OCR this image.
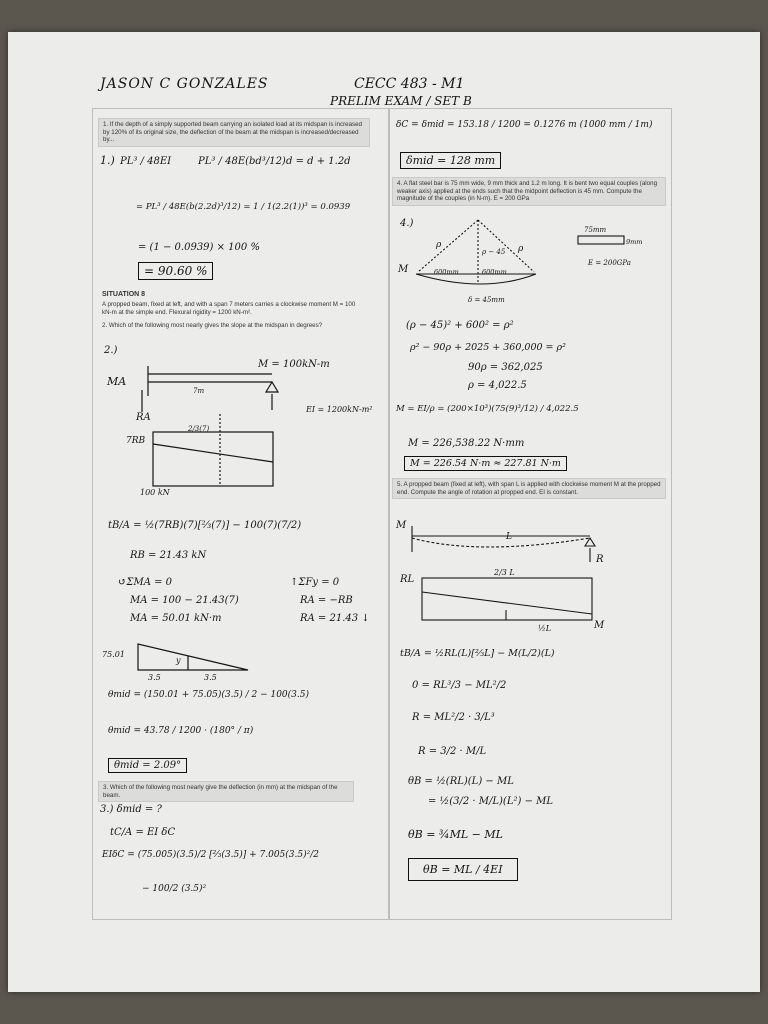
JASON C GONZALES	CECC 483 - M1
PRELIM EXAM / SET B
1. If the depth of a simply supported beam carrying an isolated load at its midspan is increased by 120% of its original size, the deflection of the beam at the midspan is increased/decreased by...
1.) PL³ / 48EI	PL³ / 48E(bd³/12) d = d + 1.2d
= PL³ / 48E(b(2.2d)³/12) = 1 / 1(2.2(1))³ = 0.0939
= (1 − 0.0939) × 100 %
= 90.60 %
SITUATION 8
A propped beam, fixed at left, and with a span 7 meters carries a clockwise moment M = 100 kN-m at the simple end. Flexural rigidity = 1200 kN-m².
2. Which of the following most nearly gives the slope at the midspan in degrees?
2.)
M = 100kN-m
MA
RA
7m
EI = 1200kN-m²
7RB
2/3(7)
100 kN
tB/A = ½(7RB)(7)[⅔(7)] − 100(7)(7/2)
RB = 21.43 kN
↺ΣMA = 0
MA = 100 − 21.43(7)
MA = 50.01 kN·m
↑ΣFy = 0
RA = −RB
RA = 21.43 ↓
75.01
y
3.5	3.5
θmid = (150.01 + 75.05)(3.5) / 2 − 100(3.5)
θmid = 43.78 / 1200 · (180° / π)
θmid = 2.09°
3. Which of the following most nearly give the deflection (in mm) at the midspan of the beam.
3.) δmid = ?
tC/A = EI δC
EIδC = (75.005)(3.5)/2 [⅔(3.5)] + 7.005(3.5)²/2
− 100/2 (3.5)²
δC = δmid = 153.18 / 1200 = 0.1276 m (1000 mm / 1m)
δmid = 128 mm
4. A flat steel bar is 75 mm wide, 9 mm thick and 1.2 m long. It is bent two equal couples (along weaker axis) applied at the ends such that the midpoint deflection is 45 mm. Compute the magnitude of the couples (in N-m). E = 200 GPa
4.)
ρ
ρ − 45 ρ
M	600mm	600mm
δ = 45mm
75mm
9mm
E = 200GPa
(ρ − 45)² + 600² = ρ²
ρ² − 90ρ + 2025 + 360,000 = ρ²
90ρ = 362,025
ρ = 4,022.5
M = EI/ρ = (200×10³)(75(9)³/12) / 4,022.5
M = 226,538.22 N·mm
M = 226.54 N·m ≈ 227.81 N·m
5. A propped beam (fixed at left), with span L is applied with clockwise moment M at the propped end. Compute the angle of rotation at propped end. EI is constant.
M
L
R
RL
2/3 L
½L	M
tB/A = ½RL(L)[⅔L] − M(L/2)(L)
0 = RL³/3 − ML²/2
R = ML²/2 · 3/L³
R = 3/2 · M/L
θB = ½(RL)(L) − ML
= ½(3/2 · M/L)(L²) − ML
θB = ¾ML − ML
θB = ML / 4EI
